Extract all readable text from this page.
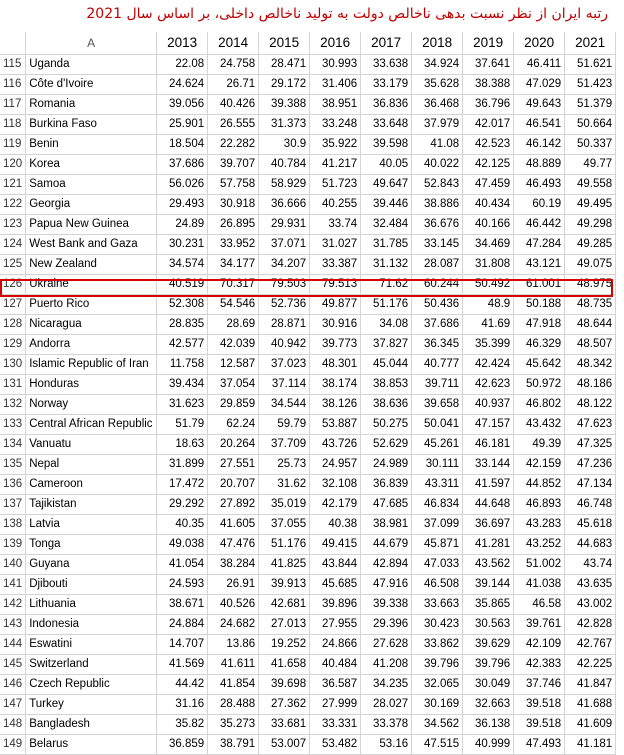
رتبه ایران از نظر نسبت بدهی ناخالص دولت به تولید ناخالص داخلی، بر اساس سال 2021
	A	2013	2014	2015	2016	2017	2018	2019	2020	2021
115	Uganda	22.08	24.758	28.471	30.993	33.638	34.924	37.641	46.411	51.621
116	Côte d'Ivoire	24.624	26.71	29.172	31.406	33.179	35.628	38.388	47.029	51.423
117	Romania	39.056	40.426	39.388	38.951	36.836	36.468	36.796	49.643	51.379
118	Burkina Faso	25.901	26.555	31.373	33.248	33.648	37.979	42.017	46.541	50.664
119	Benin	18.504	22.282	30.9	35.922	39.598	41.08	42.523	46.142	50.337
120	Korea	37.686	39.707	40.784	41.217	40.05	40.022	42.125	48.889	49.77
121	Samoa	56.026	57.758	58.929	51.723	49.647	52.843	47.459	46.493	49.558
122	Georgia	29.493	30.918	36.666	40.255	39.446	38.886	40.434	60.19	49.495
123	Papua New Guinea	24.89	26.895	29.931	33.74	32.484	36.676	40.166	46.442	49.298
124	West Bank and Gaza	30.231	33.952	37.071	31.027	31.785	33.145	34.469	47.284	49.285
125	New Zealand	34.574	34.177	34.207	33.387	31.132	28.087	31.808	43.121	49.075
126	Ukraine	40.519	70.317	79.503	79.513	71.62	60.244	50.492	61.001	48.975
127	Puerto Rico	52.308	54.546	52.736	49.877	51.176	50.436	48.9	50.188	48.735
128	Nicaragua	28.835	28.69	28.871	30.916	34.08	37.686	41.69	47.918	48.644
129	Andorra	42.577	42.039	40.942	39.773	37.827	36.345	35.399	46.329	48.507
130	Islamic Republic of Iran	11.758	12.587	37.023	48.301	45.044	40.777	42.424	45.642	48.342
131	Honduras	39.434	37.054	37.114	38.174	38.853	39.711	42.623	50.972	48.186
132	Norway	31.623	29.859	34.544	38.126	38.636	39.658	40.937	46.802	48.122
133	Central African Republic	51.79	62.24	59.79	53.887	50.275	50.041	47.157	43.432	47.623
134	Vanuatu	18.63	20.264	37.709	43.726	52.629	45.261	46.181	49.39	47.325
135	Nepal	31.899	27.551	25.73	24.957	24.989	30.111	33.144	42.159	47.236
136	Cameroon	17.472	20.707	31.62	32.108	36.839	43.311	41.597	44.852	47.134
137	Tajikistan	29.292	27.892	35.019	42.179	47.685	46.834	44.648	46.893	46.748
138	Latvia	40.35	41.605	37.055	40.38	38.981	37.099	36.697	43.283	45.618
139	Tonga	49.038	47.476	51.176	49.415	44.679	45.871	41.281	43.252	44.683
140	Guyana	41.054	38.284	41.825	43.844	42.894	47.033	43.562	51.002	43.74
141	Djibouti	24.593	26.91	39.913	45.685	47.916	46.508	39.144	41.038	43.635
142	Lithuania	38.671	40.526	42.681	39.896	39.338	33.663	35.865	46.58	43.002
143	Indonesia	24.884	24.682	27.013	27.955	29.396	30.423	30.563	39.761	42.828
144	Eswatini	14.707	13.86	19.252	24.866	27.628	33.862	39.629	42.109	42.767
145	Switzerland	41.569	41.611	41.658	40.484	41.208	39.796	39.796	42.383	42.225
146	Czech Republic	44.42	41.854	39.698	36.587	34.235	32.065	30.049	37.746	41.847
147	Turkey	31.16	28.488	27.362	27.999	28.027	30.169	32.663	39.518	41.688
148	Bangladesh	35.82	35.273	33.681	33.331	33.378	34.562	36.138	39.518	41.609
149	Belarus	36.859	38.791	53.007	53.482	53.16	47.515	40.999	47.493	41.181
